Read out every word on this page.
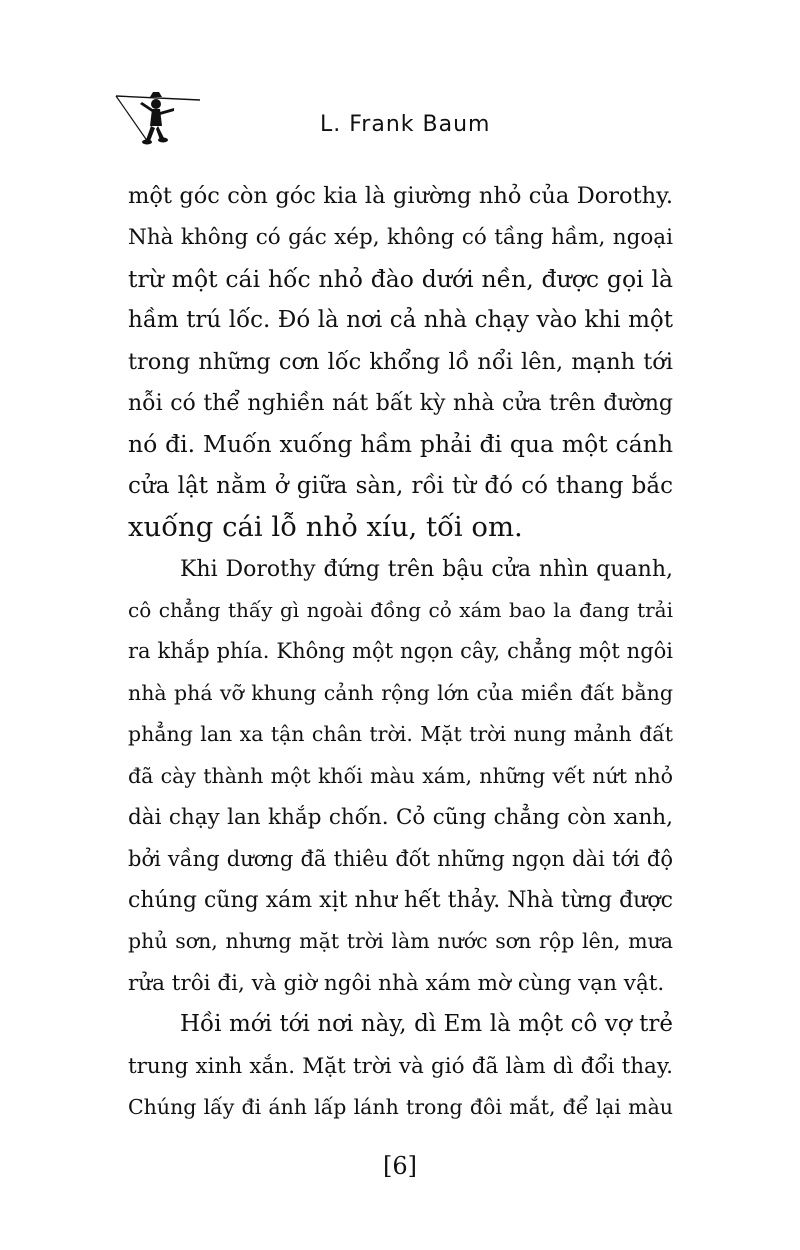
L. Frank Baum

một góc còn góc kia là giường nhỏ của Dorothy.
Nhà không có gác xép, không có tầng hầm, ngoại
trừ một cái hốc nhỏ đào dưới nền, được gọi là
hầm trú lốc. Đó là nơi cả nhà chạy vào khi một
trong những cơn lốc khổng lồ nổi lên, mạnh tới
nỗi có thể nghiền nát bất kỳ nhà cửa trên đường
nó đi. Muốn xuống hầm phải đi qua một cánh
cửa lật nằm ở giữa sàn, rồi từ đó có thang bắc
xuống cái lỗ nhỏ xíu, tối om.

Khi Dorothy đứng trên bậu cửa nhìn quanh,
cô chẳng thấy gì ngoài đồng cỏ xám bao la đang trải
ra khắp phía. Không một ngọn cây, chẳng một ngôi
nhà phá vỡ khung cảnh rộng lớn của miền đất bằng
phẳng lan xa tận chân trời. Mặt trời nung mảnh đất
đã cày thành một khối màu xám, những vết nứt nhỏ
dài chạy lan khắp chốn. Cỏ cũng chẳng còn xanh,
bởi vầng dương đã thiêu đốt những ngọn dài tới độ
chúng cũng xám xịt như hết thảy. Nhà từng được
phủ sơn, nhưng mặt trời làm nước sơn rộp lên, mưa
rửa trôi đi, và giờ ngôi nhà xám mờ cùng vạn vật.

Hồi mới tới nơi này, dì Em là một cô vợ trẻ
trung xinh xắn. Mặt trời và gió đã làm dì đổi thay.
Chúng lấy đi ánh lấp lánh trong đôi mắt, để lại màu

[6]
